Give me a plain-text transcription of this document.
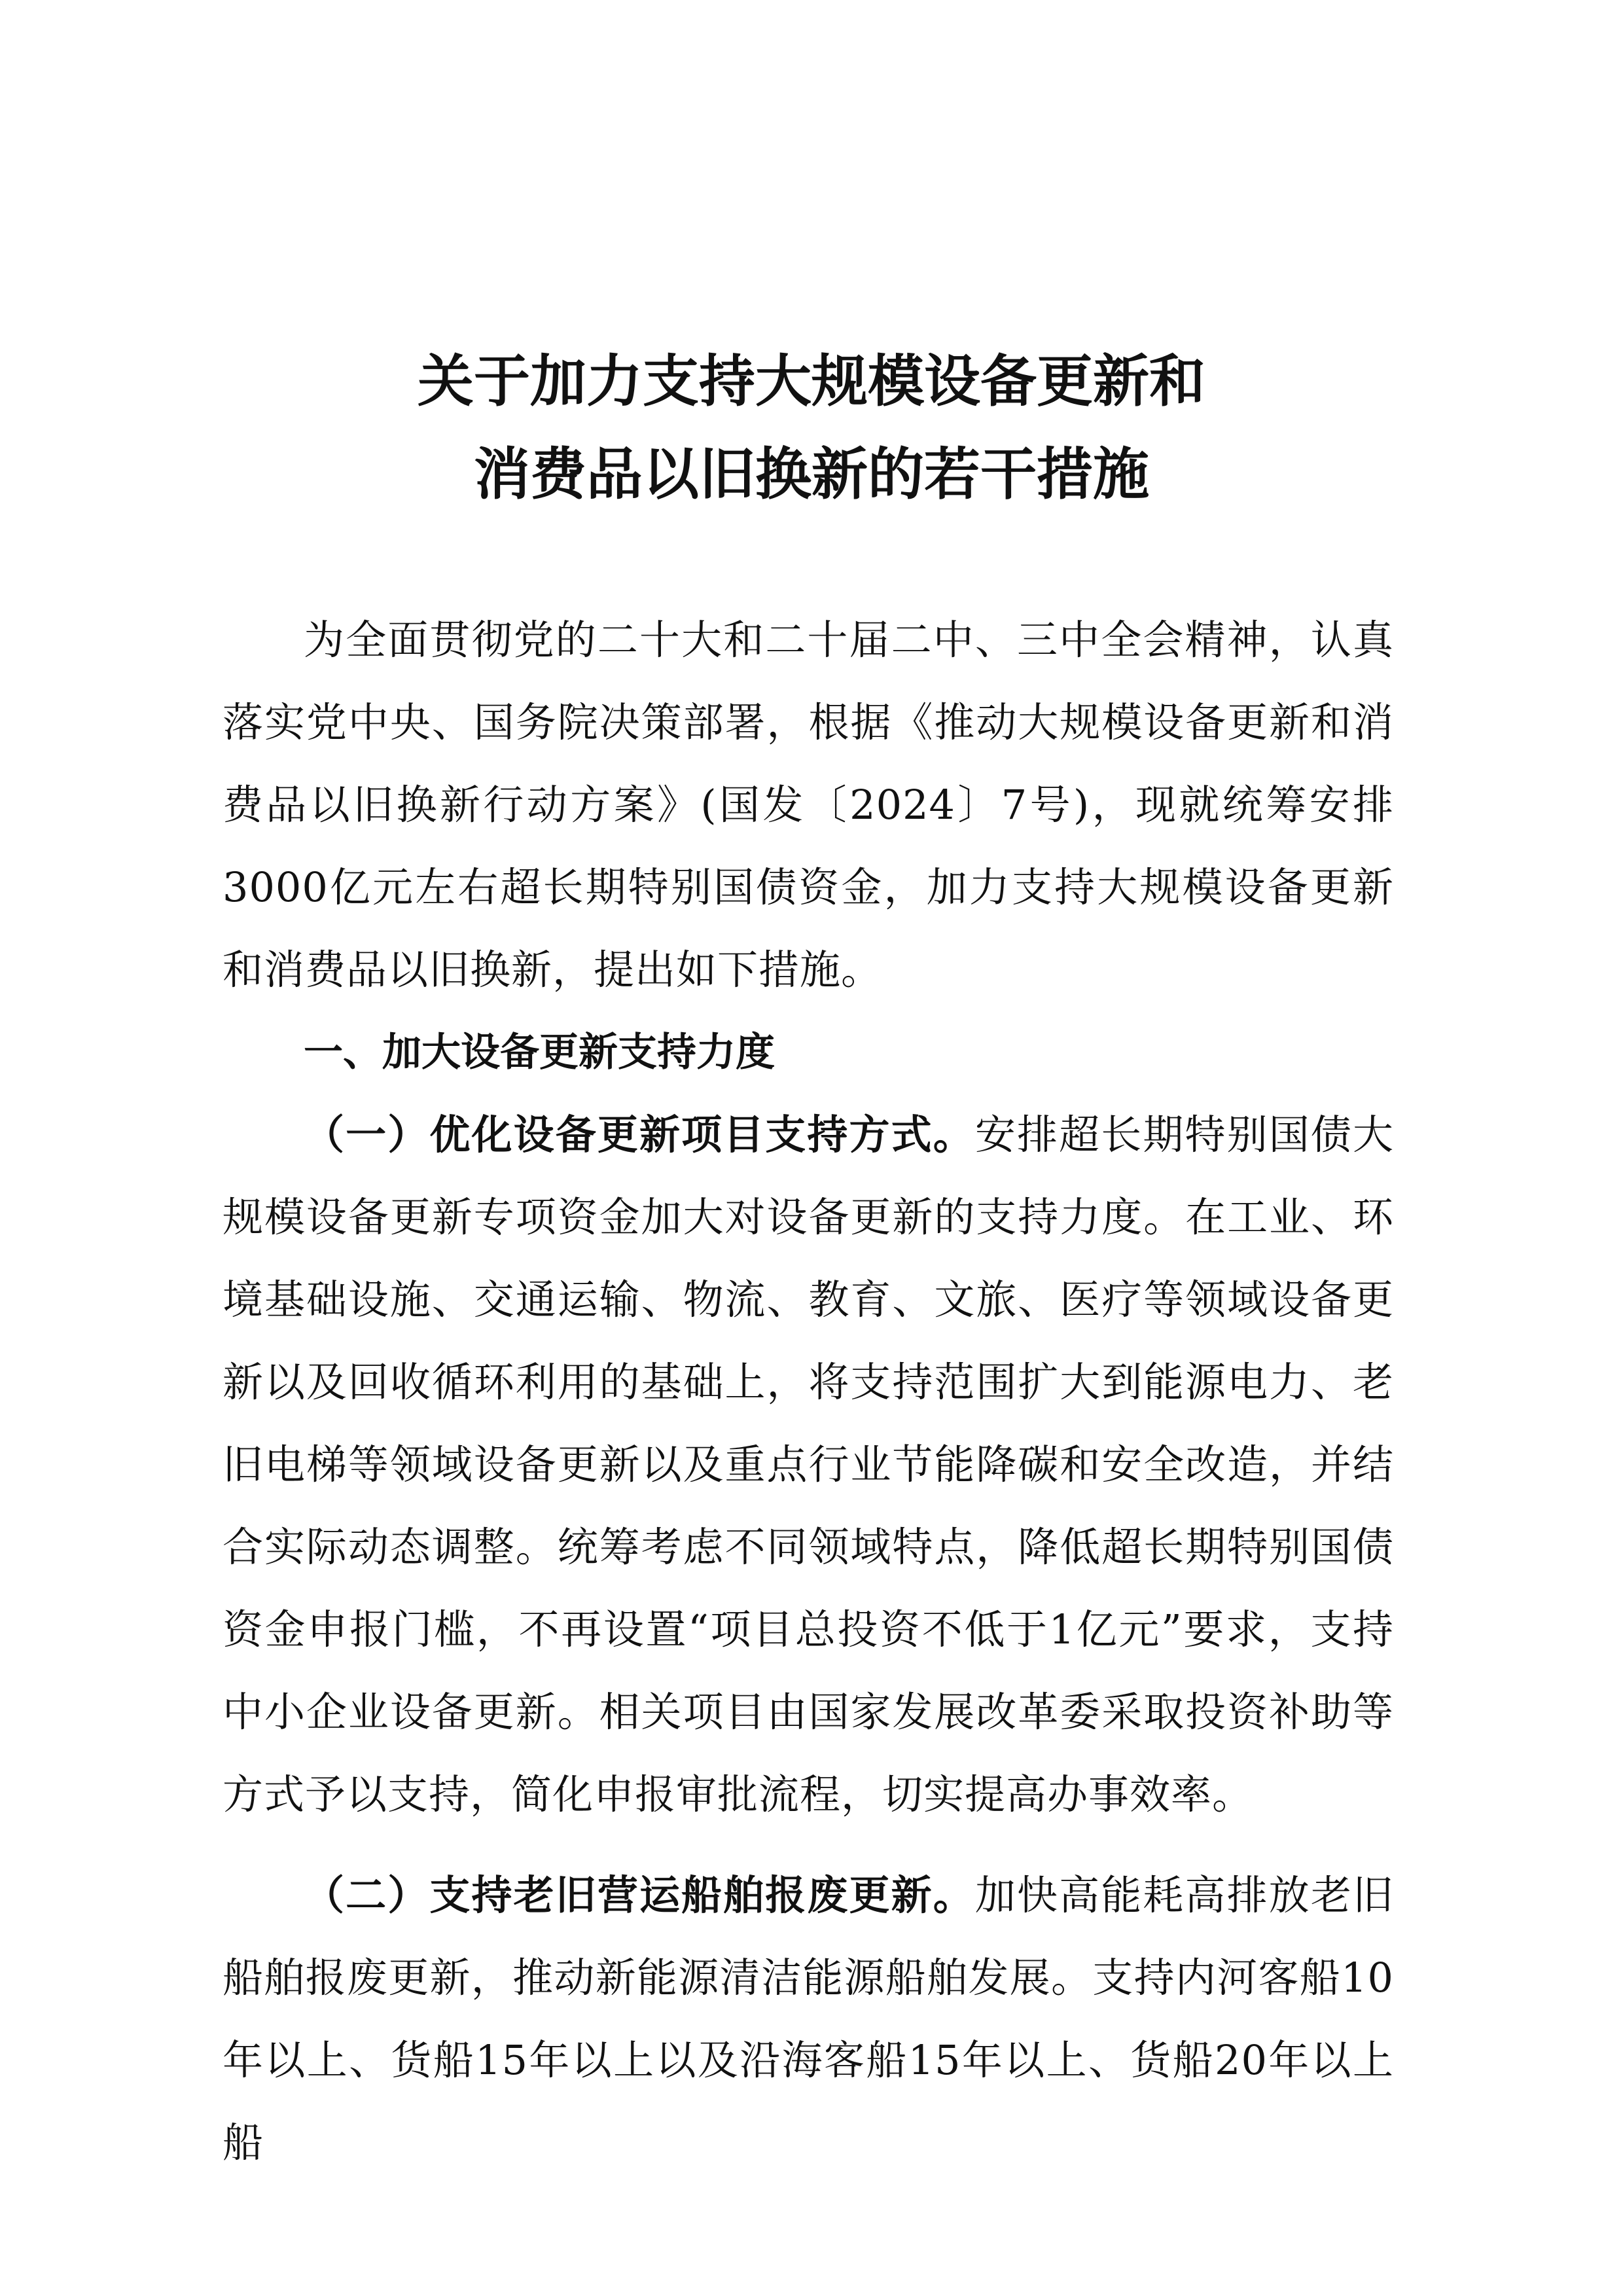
关于加力支持大规模设备更新和
消费品以旧换新的若干措施

为全面贯彻党的二十大和二十届二中、三中全会精神，认真落实党中央、国务院决策部署，根据《推动大规模设备更新和消费品以旧换新行动方案》(国发〔2024〕7号)，现就统筹安排3000亿元左右超长期特别国债资金，加力支持大规模设备更新和消费品以旧换新，提出如下措施。

一、加大设备更新支持力度

（一）优化设备更新项目支持方式。安排超长期特别国债大规模设备更新专项资金加大对设备更新的支持力度。在工业、环境基础设施、交通运输、物流、教育、文旅、医疗等领域设备更新以及回收循环利用的基础上，将支持范围扩大到能源电力、老旧电梯等领域设备更新以及重点行业节能降碳和安全改造，并结合实际动态调整。统筹考虑不同领域特点，降低超长期特别国债资金申报门槛，不再设置“项目总投资不低于1亿元”要求，支持中小企业设备更新。相关项目由国家发展改革委采取投资补助等方式予以支持，简化申报审批流程，切实提高办事效率。

（二）支持老旧营运船舶报废更新。加快高能耗高排放老旧船舶报废更新，推动新能源清洁能源船舶发展。支持内河客船10年以上、货船15年以上以及沿海客船15年以上、货船20年以上船
